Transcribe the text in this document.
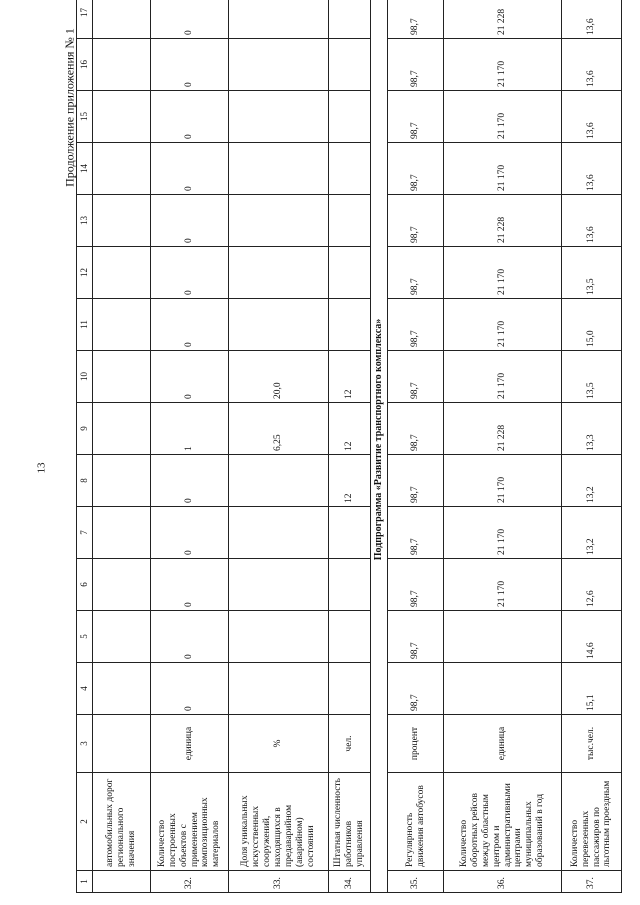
13
Продолжение приложения № 1
1	2	3	4	5	6	7	8	9	10	11	12	13	14	15	16	17
	автомобильных дорог регионального значения															
32.	Количество построенных объектов с применением композиционных материалов	единица	0	0	0	0	0	1	0	0	0	0	0	0	0	0
33.	Доля уникальных искусственных сооружений, находящихся в предаварийном (аварийном) состоянии	%						6,25	20,0							
34.	Штатная численность работников управления	чел.					12	12	12							
Подпрограмма «Развитие транспортного комплекса»																
35.	Регулярность движения автобусов	процент	98,7	98,7	98,7	98,7	98,7	98,7	98,7	98,7	98,7	98,7	98,7	98,7	98,7	98,7
36.	Количество оборотных рейсов между областным центром и административными центрами муниципальных образований в год	единица			21 170	21 170	21 170	21 228	21 170	21 170	21 170	21 228	21 170	21 170	21 170	21 228
37.	Количество перевезенных пассажиров по льготным проездным	тыс.чел.	15,1	14,6	12,6	13,2	13,2	13,3	13,5	15,0	13,5	13,6	13,6	13,6	13,6	13,6
